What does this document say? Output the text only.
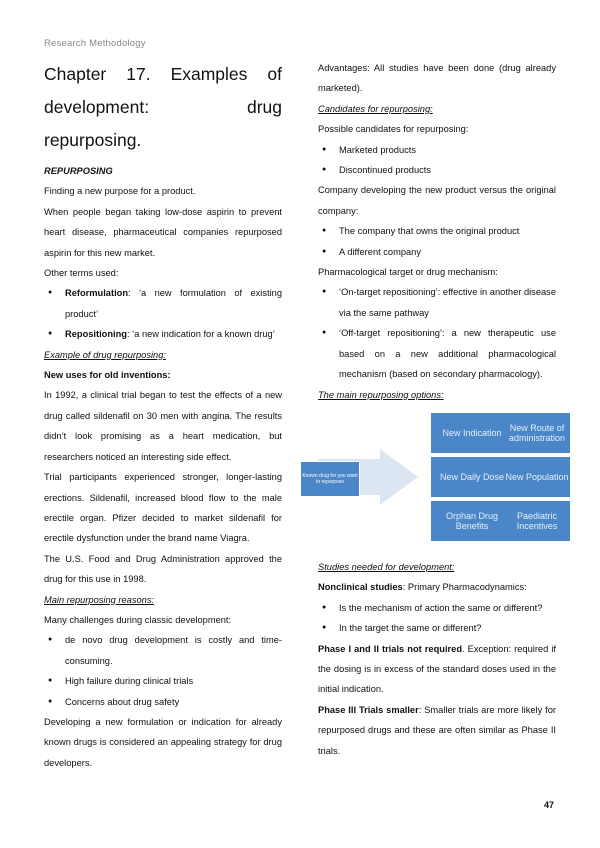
Research Methodology
Chapter 17. Examples of
development: drug repurposing.

REPURPOSING

Finding a new purpose for a product.

When people began taking low-dose aspirin to prevent heart disease, pharmaceutical companies repurposed aspirin for this new market.

Other terms used:

● Reformulation: ‘a new formulation of existing product’
● Repositioning: ‘a new indication for a known drug’

Example of drug repurposing:

New uses for old inventions:

In 1992, a clinical trial began to test the effects of a new drug called sildenafil on 30 men with angina. The results didn’t look promising as a heart medication, but researchers noticed an interesting side effect.

Trial participants experienced stronger, longer-lasting erections. Sildenafil, increased blood flow to the male erectile organ. Pfizer decided to market sildenafil for erectile dysfunction under the brand name Viagra.

The U.S. Food and Drug Administration approved the drug for this use in 1998.

Main repurposing reasons:

Many challenges during classic development:

● de novo drug development is costly and time-consuming.
● High failure during clinical trials
● Concerns about drug safety

Developing a new formulation or indication for already known drugs is considered an appealing strategy for drug developers.

Advantages: All studies have been done (drug already marketed).

Candidates for repurposing:

Possible candidates for repurposing:

● Marketed products
● Discontinued products

Company developing the new product versus the original company:

● The company that owns the original product
● A different company

Pharmacological target or drug mechanism:

● ‘On-target repositioning’: effective in another disease via the same pathway
● ‘Off-target repositioning’: a new therapeutic use based on a new additional pharmacological mechanism (based on secondary pharmacology).

The main repurposing options:

Known drug for you want to repurpose
New Indication New Route of administration
New Daily Dose New Population
Orphan Drug Benefits
Paediatric Incentives

Studies needed for development:

Nonclinical studies: Primary Pharmacodynamics:

● Is the mechanism of action the same or different?
● In the target the same or different?

Phase I and II trials not required. Exception: required if the dosing is in excess of the standard doses used in the initial indication.

Phase III Trials smaller: Smaller trials are more likely for repurposed drugs and these are often similar as Phase II trials.

47
